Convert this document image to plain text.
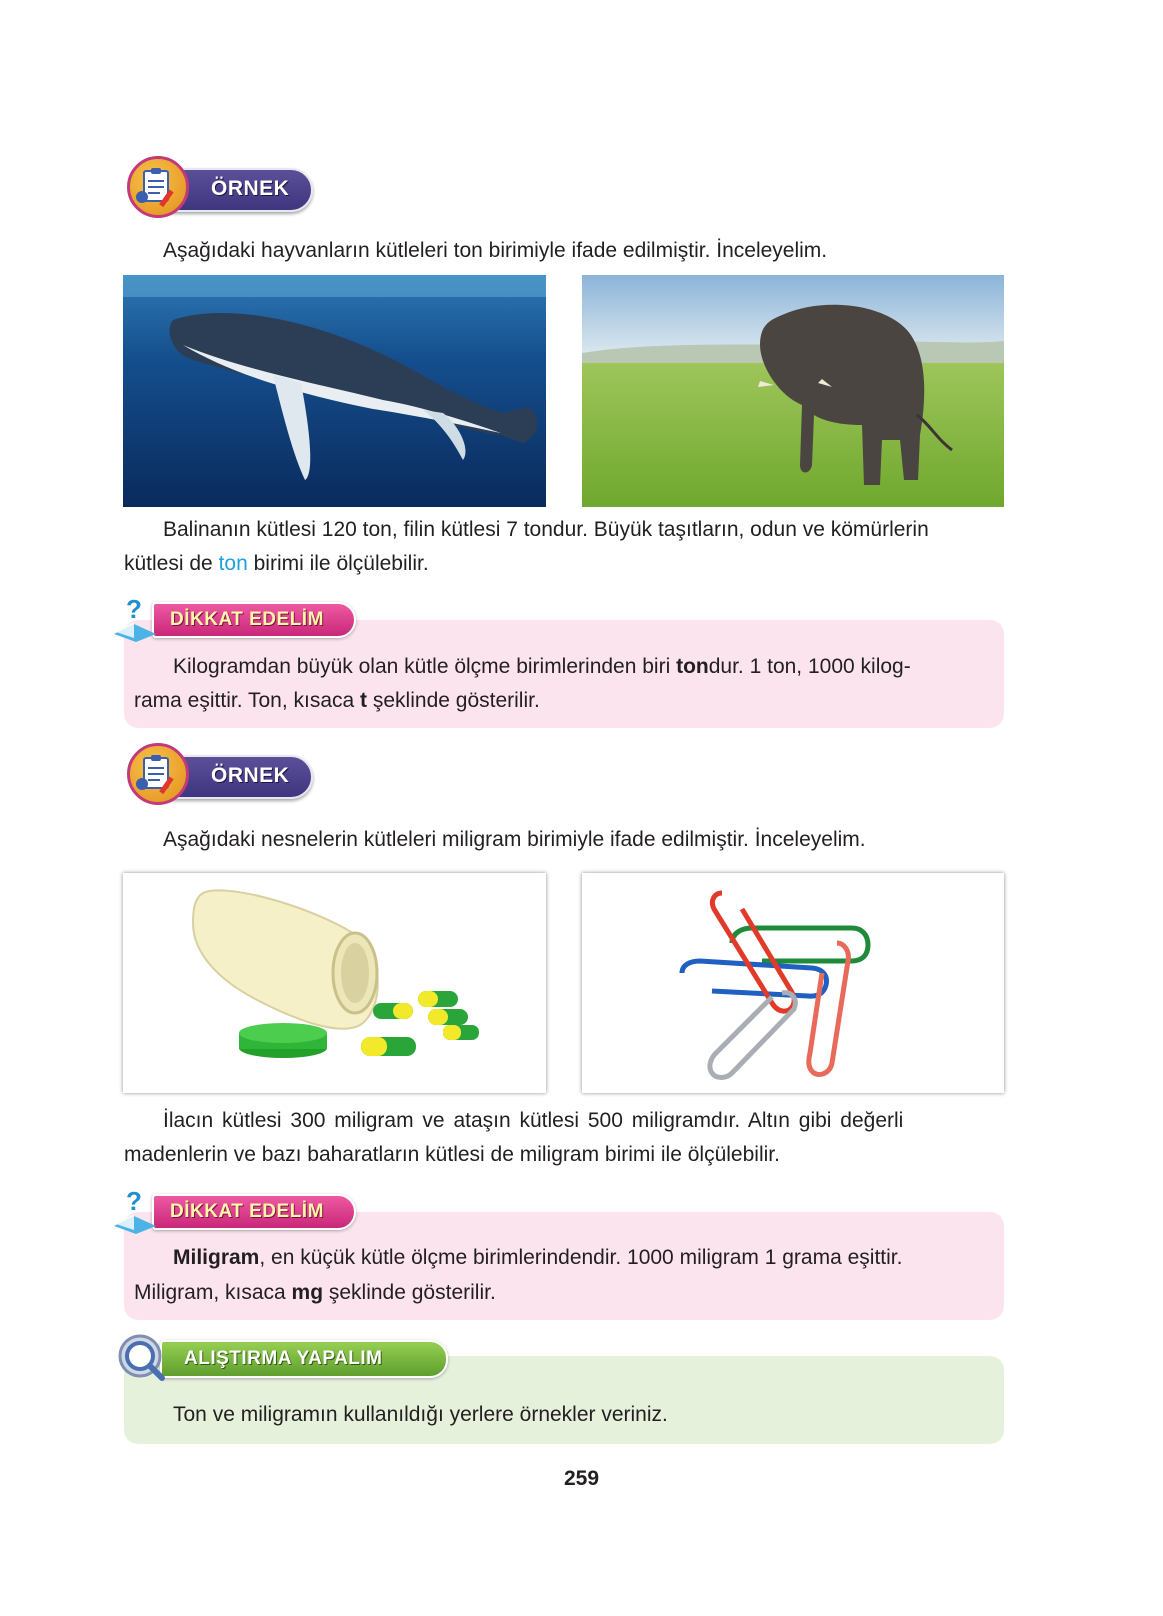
ÖRNEK

Aşağıdaki hayvanların kütleleri ton birimiyle ifade edilmiştir. İnceleyelim.

Balinanın kütlesi 120 ton, filin kütlesi 7 tondur. Büyük taşıtların, odun ve kömürlerin

kütlesi de ton birimi ile ölçülebilir.

DİKKAT EDELİM
?

Kilogramdan büyük olan kütle ölçme birimlerinden biri tondur. 1 ton, 1000 kilog-

rama eşittir. Ton, kısaca t şeklinde gösterilir.

ÖRNEK

Aşağıdaki nesnelerin kütleleri miligram birimiyle ifade edilmiştir. İnceleyelim.

İlacın kütlesi 300 miligram ve ataşın kütlesi 500 miligramdır. Altın gibi değerli

madenlerin ve bazı baharatların kütlesi de miligram birimi ile ölçülebilir.

DİKKAT EDELİM
?

Miligram, en küçük kütle ölçme birimlerindendir. 1000 miligram 1 grama eşittir.

Miligram, kısaca mg şeklinde gösterilir.

ALIŞTIRMA YAPALIM

Ton ve miligramın kullanıldığı yerlere örnekler veriniz.

259
